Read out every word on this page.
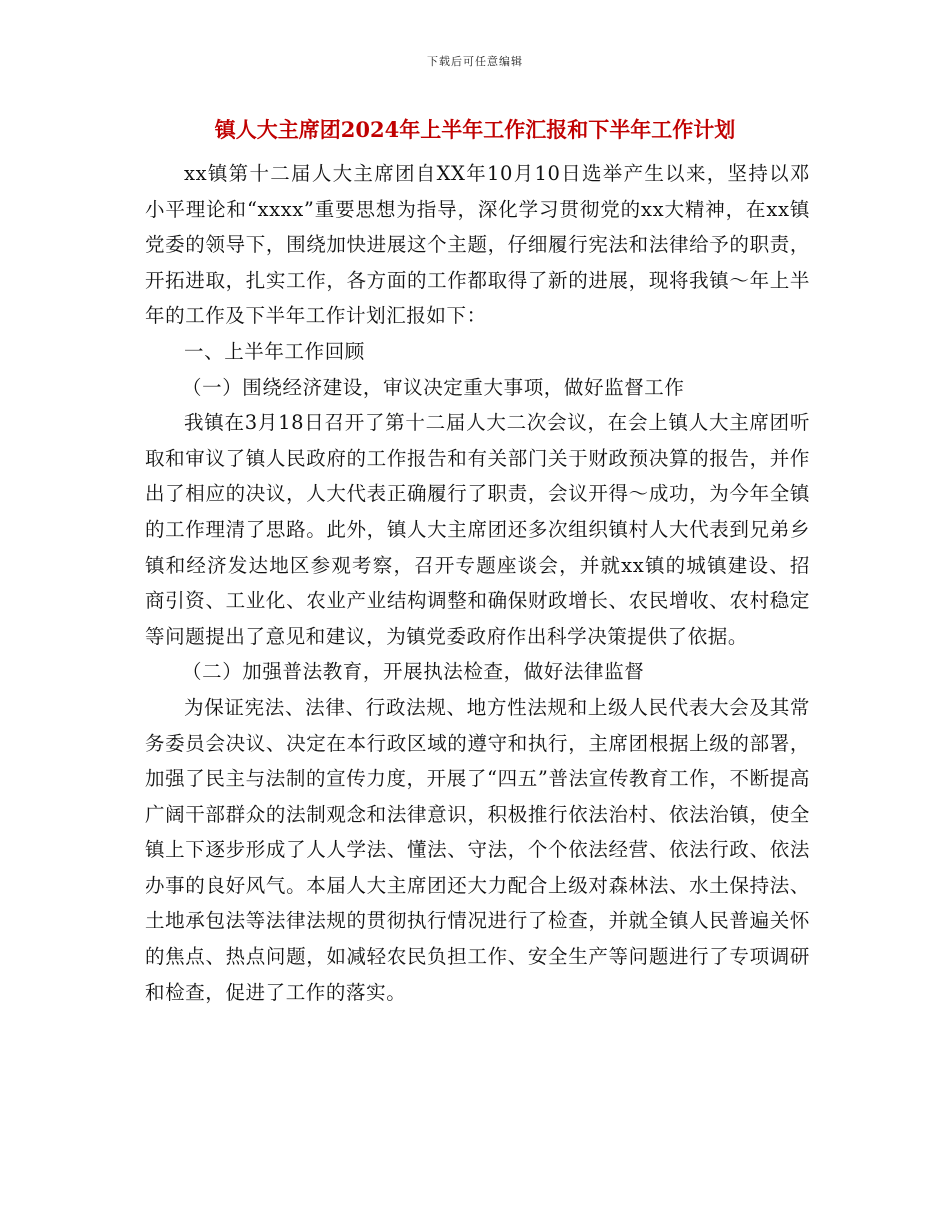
下载后可任意编辑
镇人大主席团2024年上半年工作汇报和下半年工作计划

xx镇第十二届人大主席团自XX年10月10日选举产生以来，坚持以邓小平理论和“xxxx”重要思想为指导，深化学习贯彻党的xx大精神，在xx镇党委的领导下，围绕加快进展这个主题，仔细履行宪法和法律给予的职责，开拓进取，扎实工作，各方面的工作都取得了新的进展，现将我镇～年上半年的工作及下半年工作计划汇报如下：

一、上半年工作回顾

（一）围绕经济建设，审议决定重大事项，做好监督工作

我镇在3月18日召开了第十二届人大二次会议，在会上镇人大主席团听取和审议了镇人民政府的工作报告和有关部门关于财政预决算的报告，并作出了相应的决议，人大代表正确履行了职责，会议开得～成功，为今年全镇的工作理清了思路。此外，镇人大主席团还多次组织镇村人大代表到兄弟乡镇和经济发达地区参观考察，召开专题座谈会，并就xx镇的城镇建设、招商引资、工业化、农业产业结构调整和确保财政增长、农民增收、农村稳定等问题提出了意见和建议，为镇党委政府作出科学决策提供了依据。

（二）加强普法教育，开展执法检查，做好法律监督

为保证宪法、法律、行政法规、地方性法规和上级人民代表大会及其常务委员会决议、决定在本行政区域的遵守和执行，主席团根据上级的部署，加强了民主与法制的宣传力度，开展了“四五”普法宣传教育工作，不断提高广阔干部群众的法制观念和法律意识，积极推行依法治村、依法治镇，使全镇上下逐步形成了人人学法、懂法、守法，个个依法经营、依法行政、依法办事的良好风气。本届人大主席团还大力配合上级对森林法、水土保持法、土地承包法等法律法规的贯彻执行情况进行了检查，并就全镇人民普遍关怀的焦点、热点问题，如减轻农民负担工作、安全生产等问题进行了专项调研和检查，促进了工作的落实。
